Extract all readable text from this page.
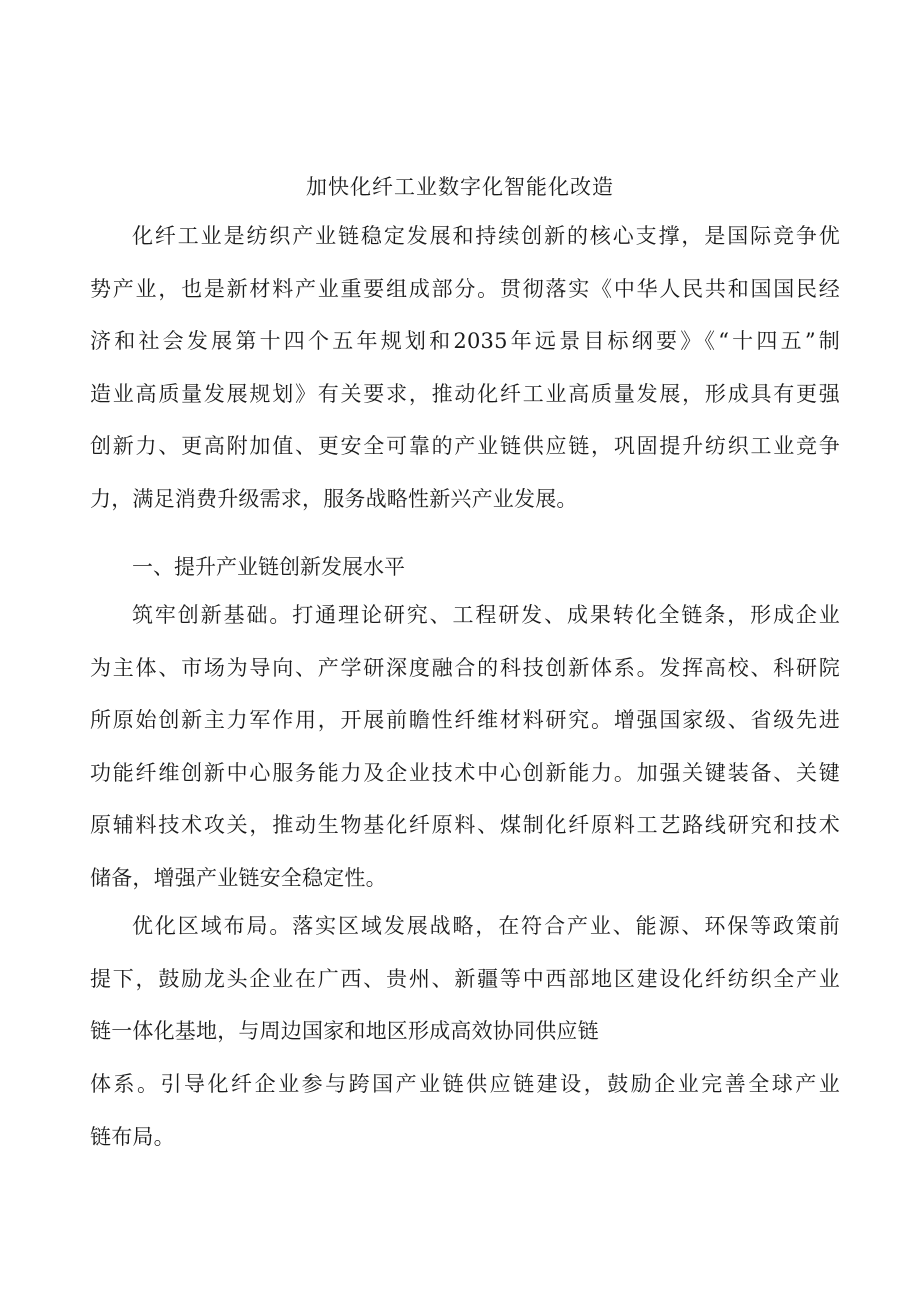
加快化纤工业数字化智能化改造

化纤工业是纺织产业链稳定发展和持续创新的核心支撑，是国际竞争优
势产业，也是新材料产业重要组成部分。贯彻落实《中华人民共和国国民经
济和社会发展第十四个五年规划和2035年远景目标纲要》《“十四五”制
造业高质量发展规划》有关要求，推动化纤工业高质量发展，形成具有更强
创新力、更高附加值、更安全可靠的产业链供应链，巩固提升纺织工业竞争
力，满足消费升级需求，服务战略性新兴产业发展。

一、提升产业链创新发展水平

筑牢创新基础。打通理论研究、工程研发、成果转化全链条，形成企业
为主体、市场为导向、产学研深度融合的科技创新体系。发挥高校、科研院
所原始创新主力军作用，开展前瞻性纤维材料研究。增强国家级、省级先进
功能纤维创新中心服务能力及企业技术中心创新能力。加强关键装备、关键
原辅料技术攻关，推动生物基化纤原料、煤制化纤原料工艺路线研究和技术
储备，增强产业链安全稳定性。

优化区域布局。落实区域发展战略，在符合产业、能源、环保等政策前
提下，鼓励龙头企业在广西、贵州、新疆等中西部地区建设化纤纺织全产业
链一体化基地，与周边国家和地区形成高效协同供应链

体系。引导化纤企业参与跨国产业链供应链建设，鼓励企业完善全球产业
链布局。
